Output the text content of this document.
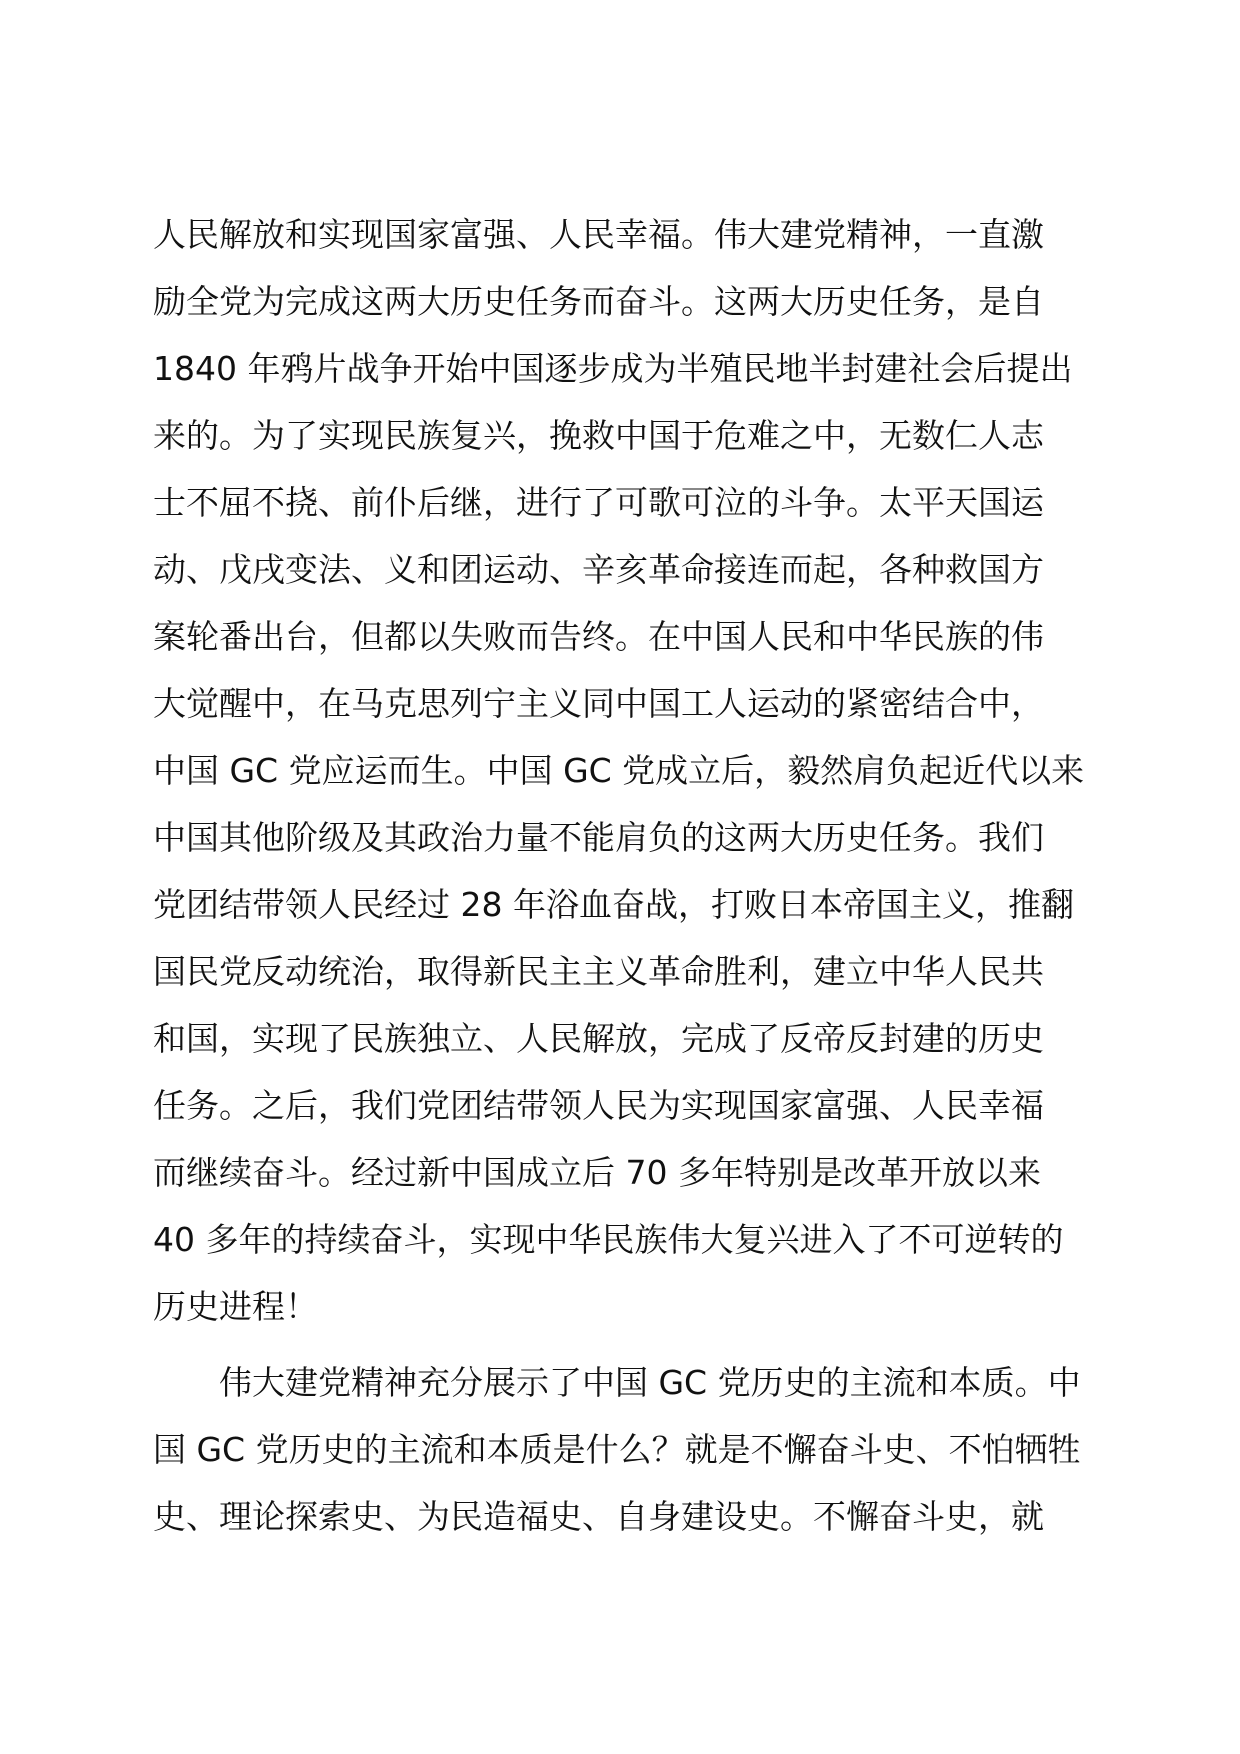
人民解放和实现国家富强、人民幸福。伟大建党精神，一直激
励全党为完成这两大历史任务而奋斗。这两大历史任务，是自
1840 年鸦片战争开始中国逐步成为半殖民地半封建社会后提出
来的。为了实现民族复兴，挽救中国于危难之中，无数仁人志
士不屈不挠、前仆后继，进行了可歌可泣的斗争。太平天国运
动、戊戌变法、义和团运动、辛亥革命接连而起，各种救国方
案轮番出台，但都以失败而告终。在中国人民和中华民族的伟
大觉醒中，在马克思列宁主义同中国工人运动的紧密结合中，
中国 GC 党应运而生。中国 GC 党成立后，毅然肩负起近代以来
中国其他阶级及其政治力量不能肩负的这两大历史任务。我们
党团结带领人民经过 28 年浴血奋战，打败日本帝国主义，推翻
国民党反动统治，取得新民主主义革命胜利，建立中华人民共
和国，实现了民族独立、人民解放，完成了反帝反封建的历史
任务。之后，我们党团结带领人民为实现国家富强、人民幸福
而继续奋斗。经过新中国成立后 70 多年特别是改革开放以来
40 多年的持续奋斗，实现中华民族伟大复兴进入了不可逆转的
历史进程！
伟大建党精神充分展示了中国 GC 党历史的主流和本质。中
国 GC 党历史的主流和本质是什么？就是不懈奋斗史、不怕牺牲
史、理论探索史、为民造福史、自身建设史。不懈奋斗史，就
